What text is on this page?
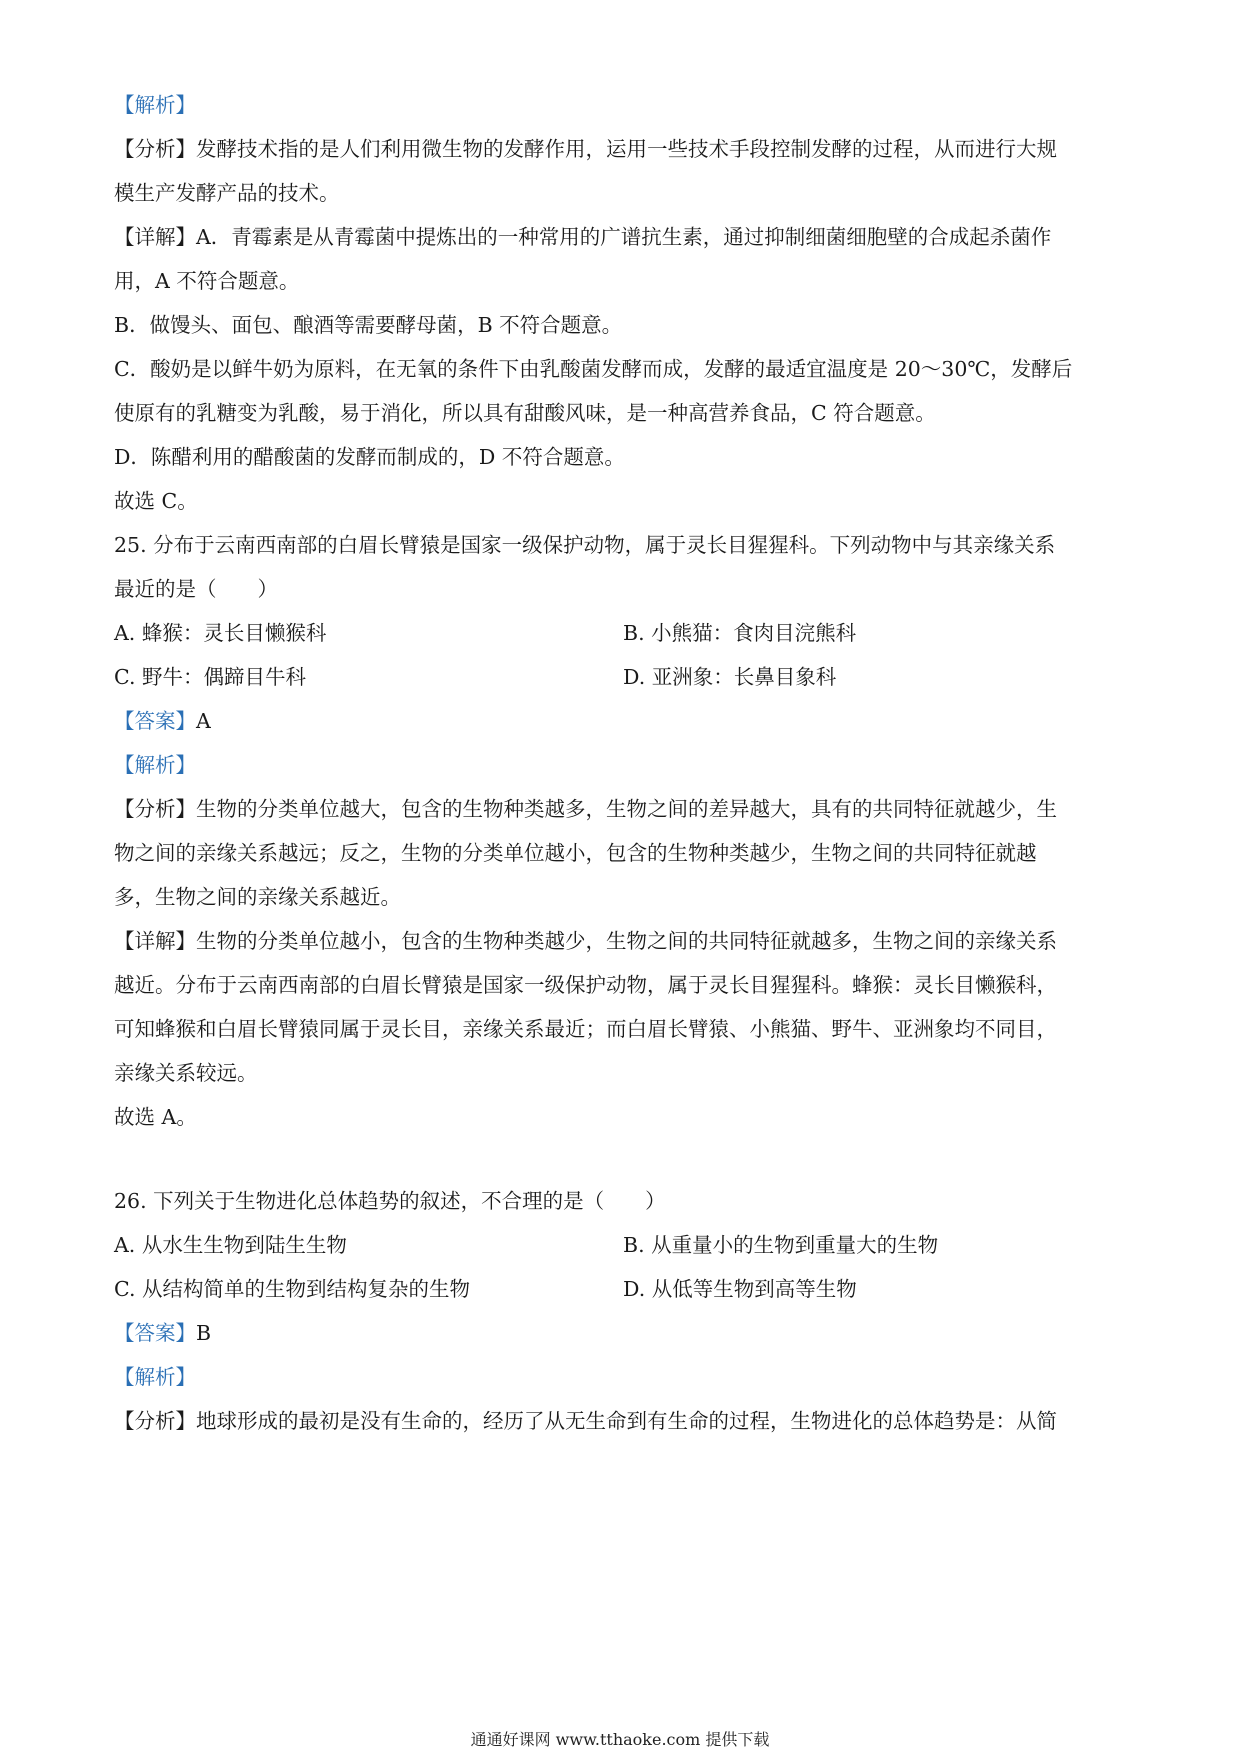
【解析】
【分析】发酵技术指的是人们利用微生物的发酵作用，运用一些技术手段控制发酵的过程，从而进行大规
模生产发酵产品的技术。
【详解】A．青霉素是从青霉菌中提炼出的一种常用的广谱抗生素，通过抑制细菌细胞壁的合成起杀菌作
用，A 不符合题意。
B．做馒头、面包、酿酒等需要酵母菌，B 不符合题意。
C．酸奶是以鲜牛奶为原料，在无氧的条件下由乳酸菌发酵而成，发酵的最适宜温度是 20～30℃，发酵后
使原有的乳糖变为乳酸，易于消化，所以具有甜酸风味，是一种高营养食品，C 符合题意。
D．陈醋利用的醋酸菌的发酵而制成的，D 不符合题意。
故选 C。
25. 分布于云南西南部的白眉长臂猿是国家一级保护动物，属于灵长目猩猩科。下列动物中与其亲缘关系
最近的是（　　）
A. 蜂猴：灵长目懒猴科	B. 小熊猫：食肉目浣熊科
C. 野牛：偶蹄目牛科	D. 亚洲象：长鼻目象科
【答案】A
【解析】
【分析】生物的分类单位越大，包含的生物种类越多，生物之间的差异越大，具有的共同特征就越少，生
物之间的亲缘关系越远；反之，生物的分类单位越小，包含的生物种类越少，生物之间的共同特征就越
多，生物之间的亲缘关系越近。
【详解】生物的分类单位越小，包含的生物种类越少，生物之间的共同特征就越多，生物之间的亲缘关系
越近。分布于云南西南部的白眉长臂猿是国家一级保护动物，属于灵长目猩猩科。蜂猴：灵长目懒猴科，
可知蜂猴和白眉长臂猿同属于灵长目，亲缘关系最近；而白眉长臂猿、小熊猫、野牛、亚洲象均不同目，
亲缘关系较远。
故选 A。
26. 下列关于生物进化总体趋势的叙述，不合理的是（　　）
A. 从水生生物到陆生生物	B. 从重量小的生物到重量大的生物
C. 从结构简单的生物到结构复杂的生物	D. 从低等生物到高等生物
【答案】B
【解析】
【分析】地球形成的最初是没有生命的，经历了从无生命到有生命的过程，生物进化的总体趋势是：从简
通通好课网 www.tthaoke.com 提供下载
